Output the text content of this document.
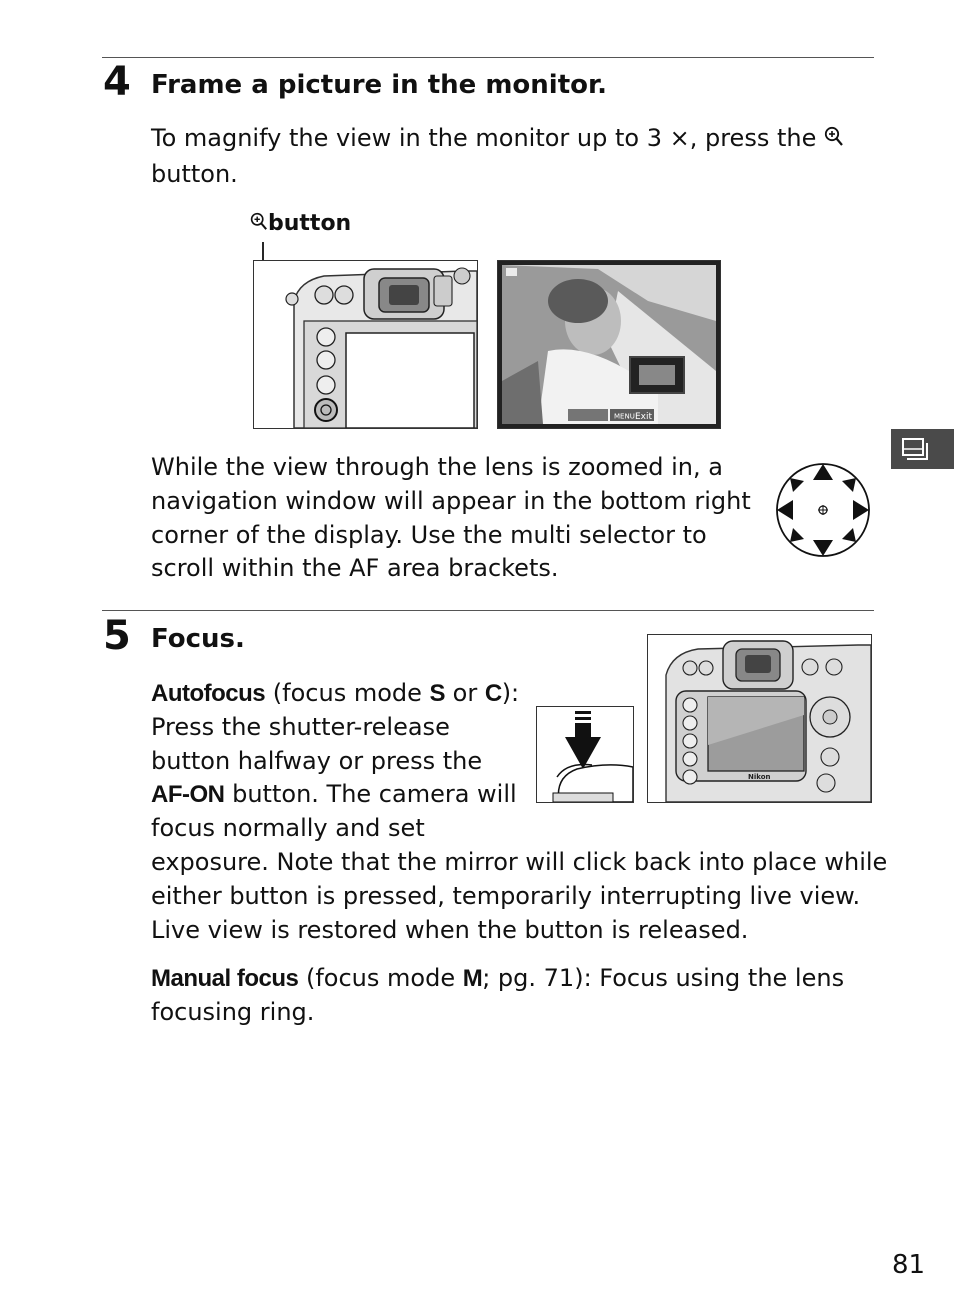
4 Frame a picture in the monitor.

To magnify the view in the monitor up to 3 ×, press the
button.

button
MENU Exit

While the view through the lens is zoomed in, a navigation window will appear in the bottom right corner of the display. Use the multi selector to scroll within the AF area brackets.

5 Focus.
Nikon
Autofocus (focus mode S or C):
Press the shutter-release
button halfway or press the
AF-ON button. The camera will
focus normally and set
exposure. Note that the mirror will click back into place while
either button is pressed, temporarily interrupting live view.
Live view is restored when the button is released.
Manual focus (focus mode M; pg. 71): Focus using the lens
focusing ring.
81
